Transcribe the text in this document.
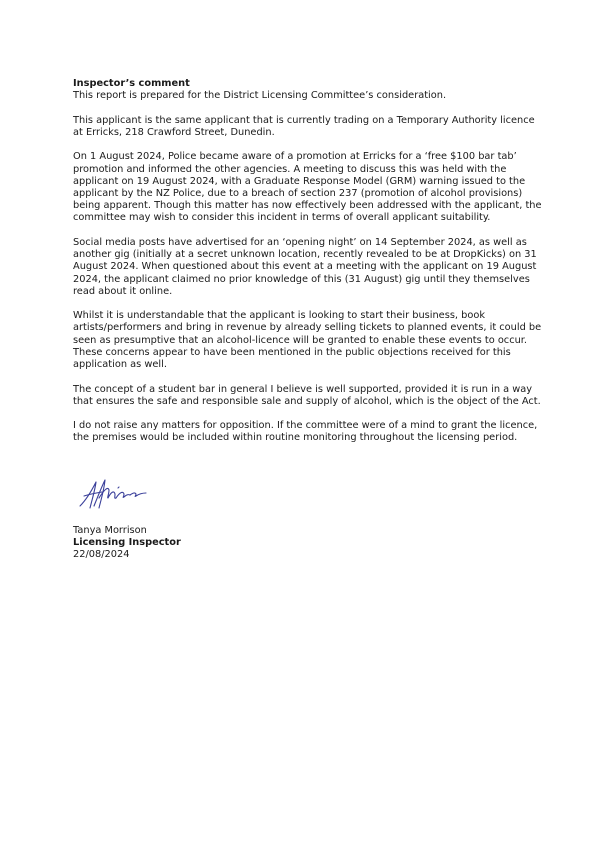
Inspector’s comment
This report is prepared for the District Licensing Committee’s consideration.

This applicant is the same applicant that is currently trading on a Temporary Authority licence
at Erricks, 218 Crawford Street, Dunedin.

On 1 August 2024, Police became aware of a promotion at Erricks for a ‘free $100 bar tab’
promotion and informed the other agencies. A meeting to discuss this was held with the
applicant on 19 August 2024, with a Graduate Response Model (GRM) warning issued to the
applicant by the NZ Police, due to a breach of section 237 (promotion of alcohol provisions)
being apparent. Though this matter has now effectively been addressed with the applicant, the
committee may wish to consider this incident in terms of overall applicant suitability.

Social media posts have advertised for an ‘opening night’ on 14 September 2024, as well as
another gig (initially at a secret unknown location, recently revealed to be at DropKicks) on 31
August 2024. When questioned about this event at a meeting with the applicant on 19 August
2024, the applicant claimed no prior knowledge of this (31 August) gig until they themselves
read about it online.

Whilst it is understandable that the applicant is looking to start their business, book
artists/performers and bring in revenue by already selling tickets to planned events, it could be
seen as presumptive that an alcohol-licence will be granted to enable these events to occur.
These concerns appear to have been mentioned in the public objections received for this
application as well.

The concept of a student bar in general I believe is well supported, provided it is run in a way
that ensures the safe and responsible sale and supply of alcohol, which is the object of the Act.

I do not raise any matters for opposition. If the committee were of a mind to grant the licence,
the premises would be included within routine monitoring throughout the licensing period.

Tanya Morrison
Licensing Inspector
22/08/2024
